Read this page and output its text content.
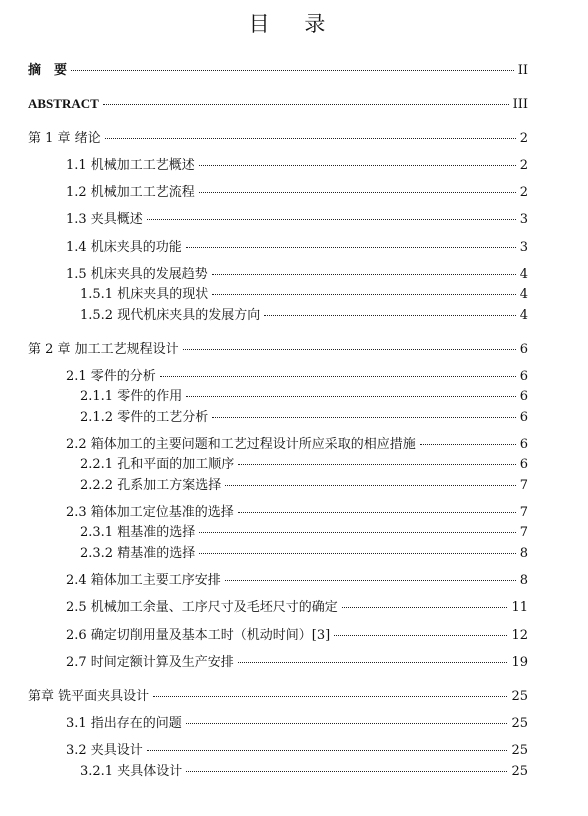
目 录
摘　要	II
ABSTRACT	III
第 1 章 绪论	2
1.1 机械加工工艺概述	2
1.2 机械加工工艺流程	2
1.3 夹具概述	3
1.4 机床夹具的功能	3
1.5 机床夹具的发展趋势	4
1.5.1 机床夹具的现状	4
1.5.2 现代机床夹具的发展方向	4
第 2 章 加工工艺规程设计	6
2.1 零件的分析	6
2.1.1 零件的作用	6
2.1.2 零件的工艺分析	6
2.2 箱体加工的主要问题和工艺过程设计所应采取的相应措施	6
2.2.1 孔和平面的加工顺序	6
2.2.2 孔系加工方案选择	7
2.3 箱体加工定位基准的选择	7
2.3.1 粗基准的选择	7
2.3.2 精基准的选择	8
2.4 箱体加工主要工序安排	8
2.5 机械加工余量、工序尺寸及毛坯尺寸的确定	11
2.6 确定切削用量及基本工时（机动时间）[3]	12
2.7 时间定额计算及生产安排	19
第章 铣平面夹具设计	25
3.1 指出存在的问题	25
3.2 夹具设计	25
3.2.1 夹具体设计	25
